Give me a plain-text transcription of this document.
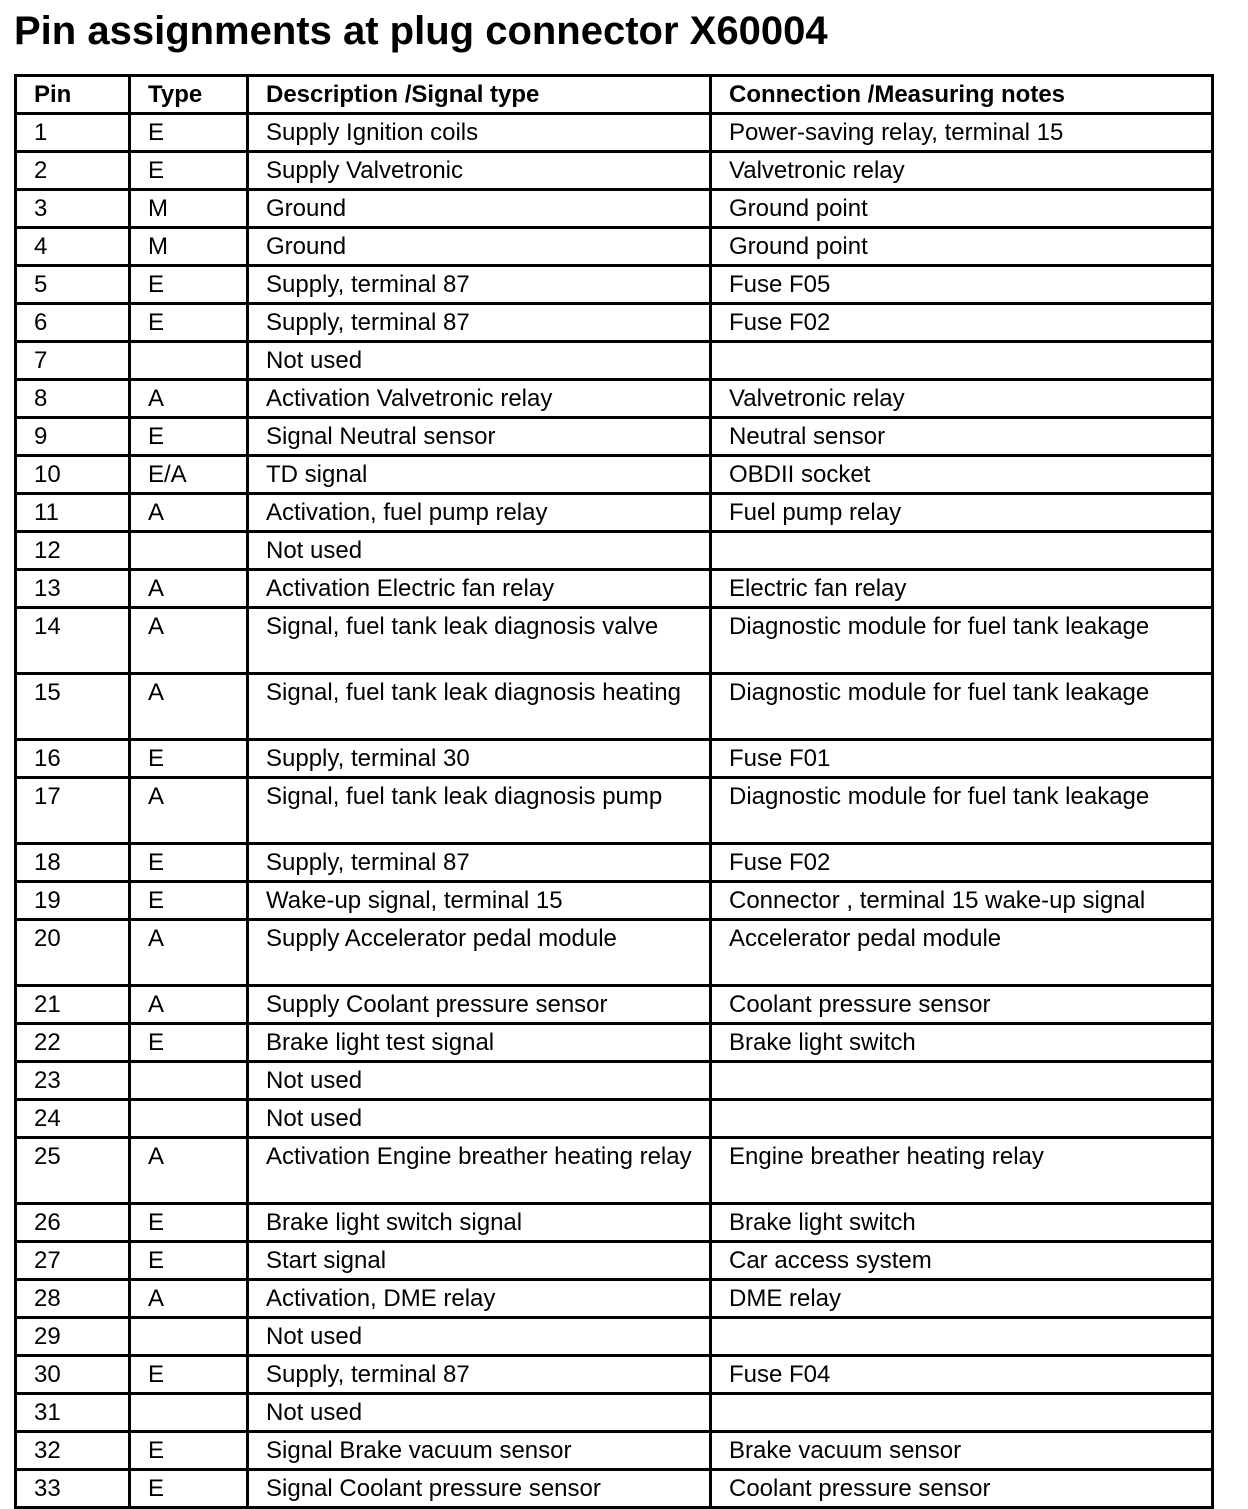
Pin assignments at plug connector X60004
Pin	Type	Description /Signal type	Connection /Measuring notes
1	E	Supply Ignition coils	Power-saving relay, terminal 15
2	E	Supply Valvetronic	Valvetronic relay
3	M	Ground	Ground point
4	M	Ground	Ground point
5	E	Supply, terminal 87	Fuse F05
6	E	Supply, terminal 87	Fuse F02
7		Not used	
8	A	Activation Valvetronic relay	Valvetronic relay
9	E	Signal Neutral sensor	Neutral sensor
10	E/A	TD signal	OBDII socket
11	A	Activation, fuel pump relay	Fuel pump relay
12		Not used	
13	A	Activation Electric fan relay	Electric fan relay
14	A	Signal, fuel tank leak diagnosis valve	Diagnostic module for fuel tank leakage
15	A	Signal, fuel tank leak diagnosis heating	Diagnostic module for fuel tank leakage
16	E	Supply, terminal 30	Fuse F01
17	A	Signal, fuel tank leak diagnosis pump	Diagnostic module for fuel tank leakage
18	E	Supply, terminal 87	Fuse F02
19	E	Wake-up signal, terminal 15	Connector , terminal 15 wake-up signal
20	A	Supply Accelerator pedal module	Accelerator pedal module
21	A	Supply Coolant pressure sensor	Coolant pressure sensor
22	E	Brake light test signal	Brake light switch
23		Not used	
24		Not used	
25	A	Activation Engine breather heating relay	Engine breather heating relay
26	E	Brake light switch signal	Brake light switch
27	E	Start signal	Car access system
28	A	Activation, DME relay	DME relay
29		Not used	
30	E	Supply, terminal 87	Fuse F04
31		Not used	
32	E	Signal Brake vacuum sensor	Brake vacuum sensor
33	E	Signal Coolant pressure sensor	Coolant pressure sensor
